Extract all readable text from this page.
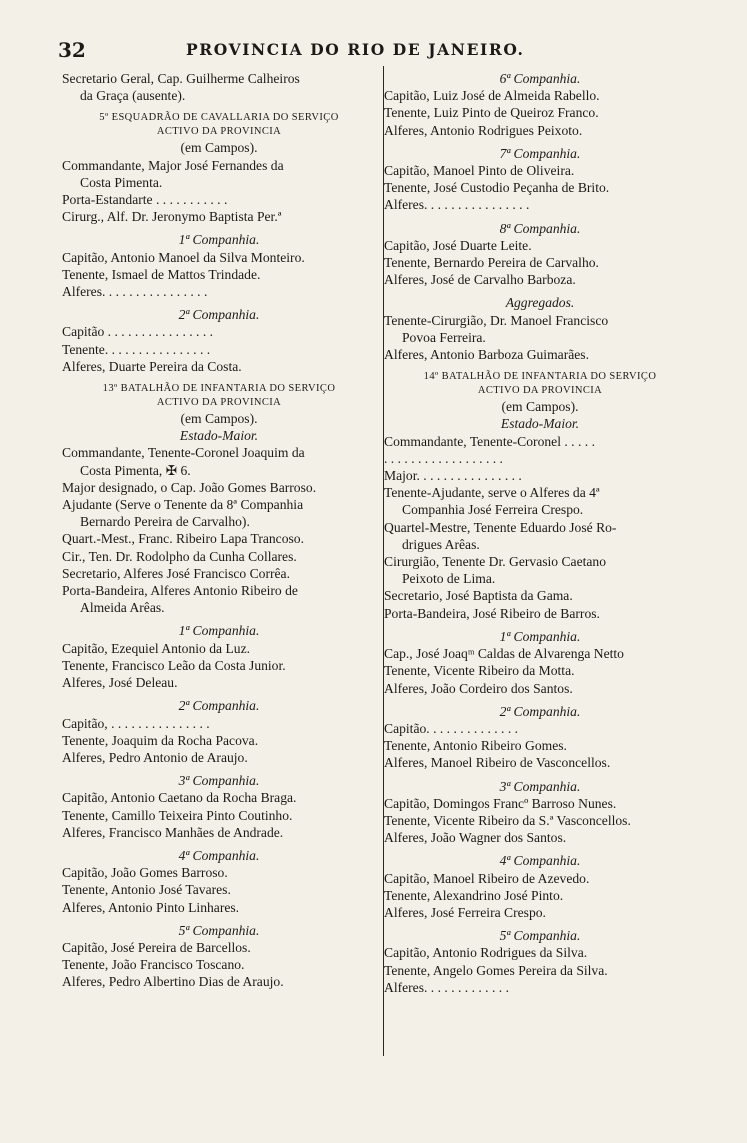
32	PROVINCIA DO RIO DE JANEIRO.
Secretario Geral, Cap. Guilherme Calheiros
da Graça (ausente).
5º ESQUADRÃO DE CAVALLARIA DO SERVIÇO
ACTIVO DA PROVINCIA
(em Campos).
Commandante, Major José Fernandes da
Costa Pimenta.
Porta-Estandarte . . . . . . . . . . .
Cirurg., Alf. Dr. Jeronymo Baptista Per.ª
1ª Companhia.
Capitão, Antonio Manoel da Silva Monteiro.
Tenente, Ismael de Mattos Trindade.
Alferes. . . . . . . . . . . . . . . .
2ª Companhia.
Capitão . . . . . . . . . . . . . . . .
Tenente. . . . . . . . . . . . . . . .
Alferes, Duarte Pereira da Costa.
13º BATALHÃO DE INFANTARIA DO SERVIÇO
ACTIVO DA PROVINCIA
(em Campos).
Estado-Maior.
Commandante, Tenente-Coronel Joaquim da
Costa Pimenta, ✠ 6.
Major designado, o Cap. João Gomes Barroso.
Ajudante (Serve o Tenente da 8ª Companhia
Bernardo Pereira de Carvalho).
Quart.-Mest., Franc. Ribeiro Lapa Trancoso.
Cir., Ten. Dr. Rodolpho da Cunha Collares.
Secretario, Alferes José Francisco Corrêa.
Porta-Bandeira, Alferes Antonio Ribeiro de
Almeida Arêas.
1ª Companhia.
Capitão, Ezequiel Antonio da Luz.
Tenente, Francisco Leão da Costa Junior.
Alferes, José Deleau.
2ª Companhia.
Capitão, . . . . . . . . . . . . . . .
Tenente, Joaquim da Rocha Pacova.
Alferes, Pedro Antonio de Araujo.
3ª Companhia.
Capitão, Antonio Caetano da Rocha Braga.
Tenente, Camillo Teixeira Pinto Coutinho.
Alferes, Francisco Manhães de Andrade.
4ª Companhia.
Capitão, João Gomes Barroso.
Tenente, Antonio José Tavares.
Alferes, Antonio Pinto Linhares.
5ª Companhia.
Capitão, José Pereira de Barcellos.
Tenente, João Francisco Toscano.
Alferes, Pedro Albertino Dias de Araujo.
6ª Companhia.
Capitão, Luiz José de Almeida Rabello.
Tenente, Luiz Pinto de Queiroz Franco.
Alferes, Antonio Rodrigues Peixoto.
7ª Companhia.
Capitão, Manoel Pinto de Oliveira.
Tenente, José Custodio Peçanha de Brito.
Alferes. . . . . . . . . . . . . . . .
8ª Companhia.
Capitão, José Duarte Leite.
Tenente, Bernardo Pereira de Carvalho.
Alferes, José de Carvalho Barboza.
Aggregados.
Tenente-Cirurgião, Dr. Manoel Francisco
Povoa Ferreira.
Alferes, Antonio Barboza Guimarães.
14º BATALHÃO DE INFANTARIA DO SERVIÇO
ACTIVO DA PROVINCIA
(em Campos).
Estado-Maior.
Commandante, Tenente-Coronel . . . . .
. . . . . . . . . . . . . . . . . .
Major. . . . . . . . . . . . . . . .
Tenente-Ajudante, serve o Alferes da 4ª
Companhia José Ferreira Crespo.
Quartel-Mestre, Tenente Eduardo José Ro-
drigues Arêas.
Cirurgião, Tenente Dr. Gervasio Caetano
Peixoto de Lima.
Secretario, José Baptista da Gama.
Porta-Bandeira, José Ribeiro de Barros.
1ª Companhia.
Cap., José Joaqᵐ Caldas de Alvarenga Netto
Tenente, Vicente Ribeiro da Motta.
Alferes, João Cordeiro dos Santos.
2ª Companhia.
Capitão. . . . . . . . . . . . . .
Tenente, Antonio Ribeiro Gomes.
Alferes, Manoel Ribeiro de Vasconcellos.
3ª Companhia.
Capitão, Domingos Francº Barroso Nunes.
Tenente, Vicente Ribeiro da S.ª Vasconcellos.
Alferes, João Wagner dos Santos.
4ª Companhia.
Capitão, Manoel Ribeiro de Azevedo.
Tenente, Alexandrino José Pinto.
Alferes, José Ferreira Crespo.
5ª Companhia.
Capitão, Antonio Rodrigues da Silva.
Tenente, Angelo Gomes Pereira da Silva.
Alferes. . . . . . . . . . . . .
